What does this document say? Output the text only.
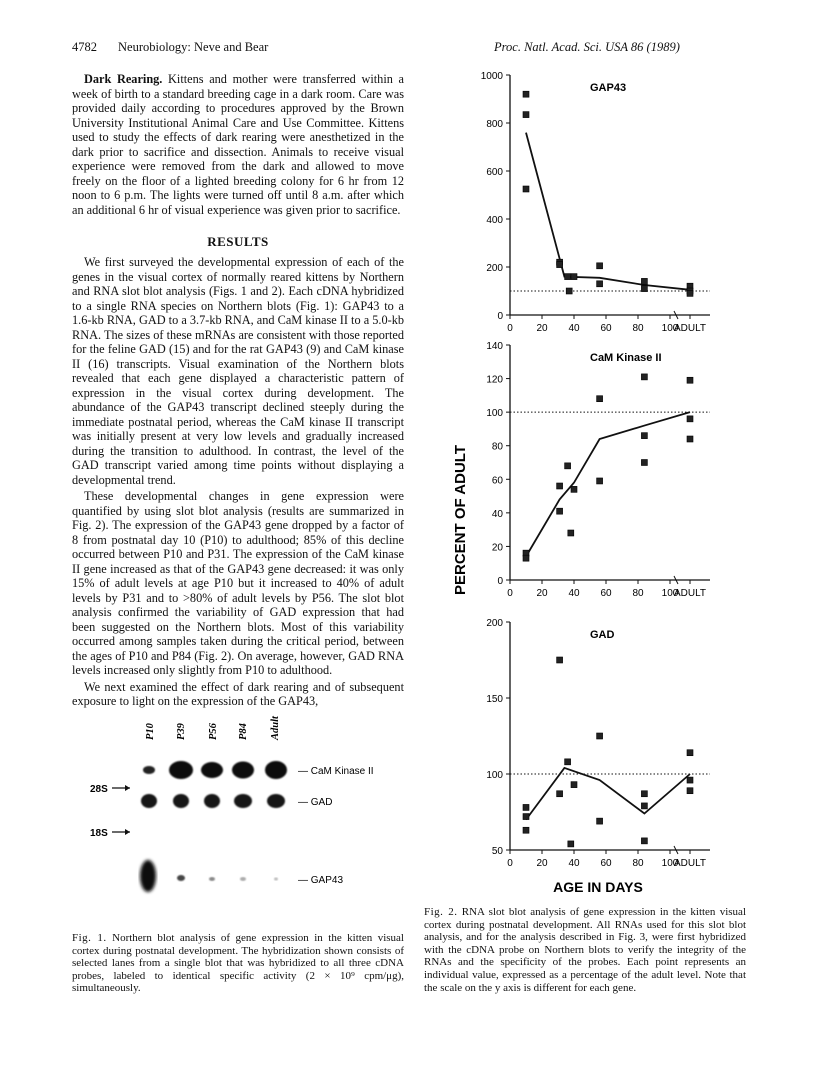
4782 Neurobiology: Neve and Bear	Proc. Natl. Acad. Sci. USA 86 (1989)

Dark Rearing. Kittens and mother were transferred within a week of birth to a standard breeding cage in a dark room. Care was provided daily according to procedures approved by the Brown University Institutional Animal Care and Use Committee. Kittens used to study the effects of dark rearing were anesthetized in the dark prior to sacrifice and dissection. Animals to receive visual experience were removed from the dark and allowed to move freely on the floor of a lighted breeding colony for 6 hr from 12 noon to 6 p.m. The lights were turned off until 8 a.m. after which an additional 6 hr of visual experience was given prior to sacrifice.

RESULTS

We first surveyed the developmental expression of each of the genes in the visual cortex of normally reared kittens by Northern and RNA slot blot analysis (Figs. 1 and 2). Each cDNA hybridized to a single RNA species on Northern blots (Fig. 1): GAP43 to a 1.6-kb RNA, GAD to a 3.7-kb RNA, and CaM kinase II to a 5.0-kb RNA. The sizes of these mRNAs are consistent with those reported for the feline GAD (15) and for the rat GAP43 (9) and CaM kinase II (16) transcripts. Visual examination of the Northern blots revealed that each gene displayed a characteristic pattern of expression in the visual cortex during development. The abundance of the GAP43 transcript declined steeply during the immediate postnatal period, whereas the CaM kinase II transcript was initially present at very low levels and gradually increased during the transition to adulthood. In contrast, the level of the GAD transcript varied among time points without displaying a developmental trend.

These developmental changes in gene expression were quantified by using slot blot analysis (results are summarized in Fig. 2). The expression of the GAP43 gene dropped by a factor of 8 from postnatal day 10 (P10) to adulthood; 85% of this decline occurred between P10 and P31. The expression of the CaM kinase II gene increased as that of the GAP43 gene decreased: it was only 15% of adult levels at age P10 but it increased to 40% of adult levels by P31 and to >80% of adult levels by P56. The slot blot analysis confirmed the variability of GAD expression that had been suggested on the Northern blots. Most of this variability occurred among samples taken during the critical period, between the ages of P10 and P84 (Fig. 2). On average, however, GAD RNA levels increased only slightly from P10 to adulthood.

We next examined the effect of dark rearing and of subsequent exposure to light on the expression of the GAP43,

P10 P39 P56 P84 Adult
— CaM Kinase II
28S
— GAD
18S
— GAP43
Fig. 1. Northern blot analysis of gene expression in the kitten visual cortex during postnatal development. The hybridization shown consists of selected lanes from a single blot that was hybridized to all three cDNA probes, labeled to identical specific activity (2 × 10⁹ cpm/μg), simultaneously.
PERCENT OF ADULT
AGE IN DAYS
GAP43
0
200
400
600
800
1000
0 20 40 60 80 100
ADULT
CaM Kinase II
0
20
40
60
80
100
120
140
0 20 40 60 80 100
ADULT
GAD
50
100
150
200
0 20 40 60 80 100
ADULT
Fig. 2. RNA slot blot analysis of gene expression in the kitten visual cortex during postnatal development. All RNAs used for this slot blot analysis, and for the analysis described in Fig. 3, were first hybridized with the cDNA probe on Northern blots to verify the integrity of the RNAs and the specificity of the probes. Each point represents an individual value, expressed as a percentage of the adult level. Note that the scale on the y axis is different for each gene.
